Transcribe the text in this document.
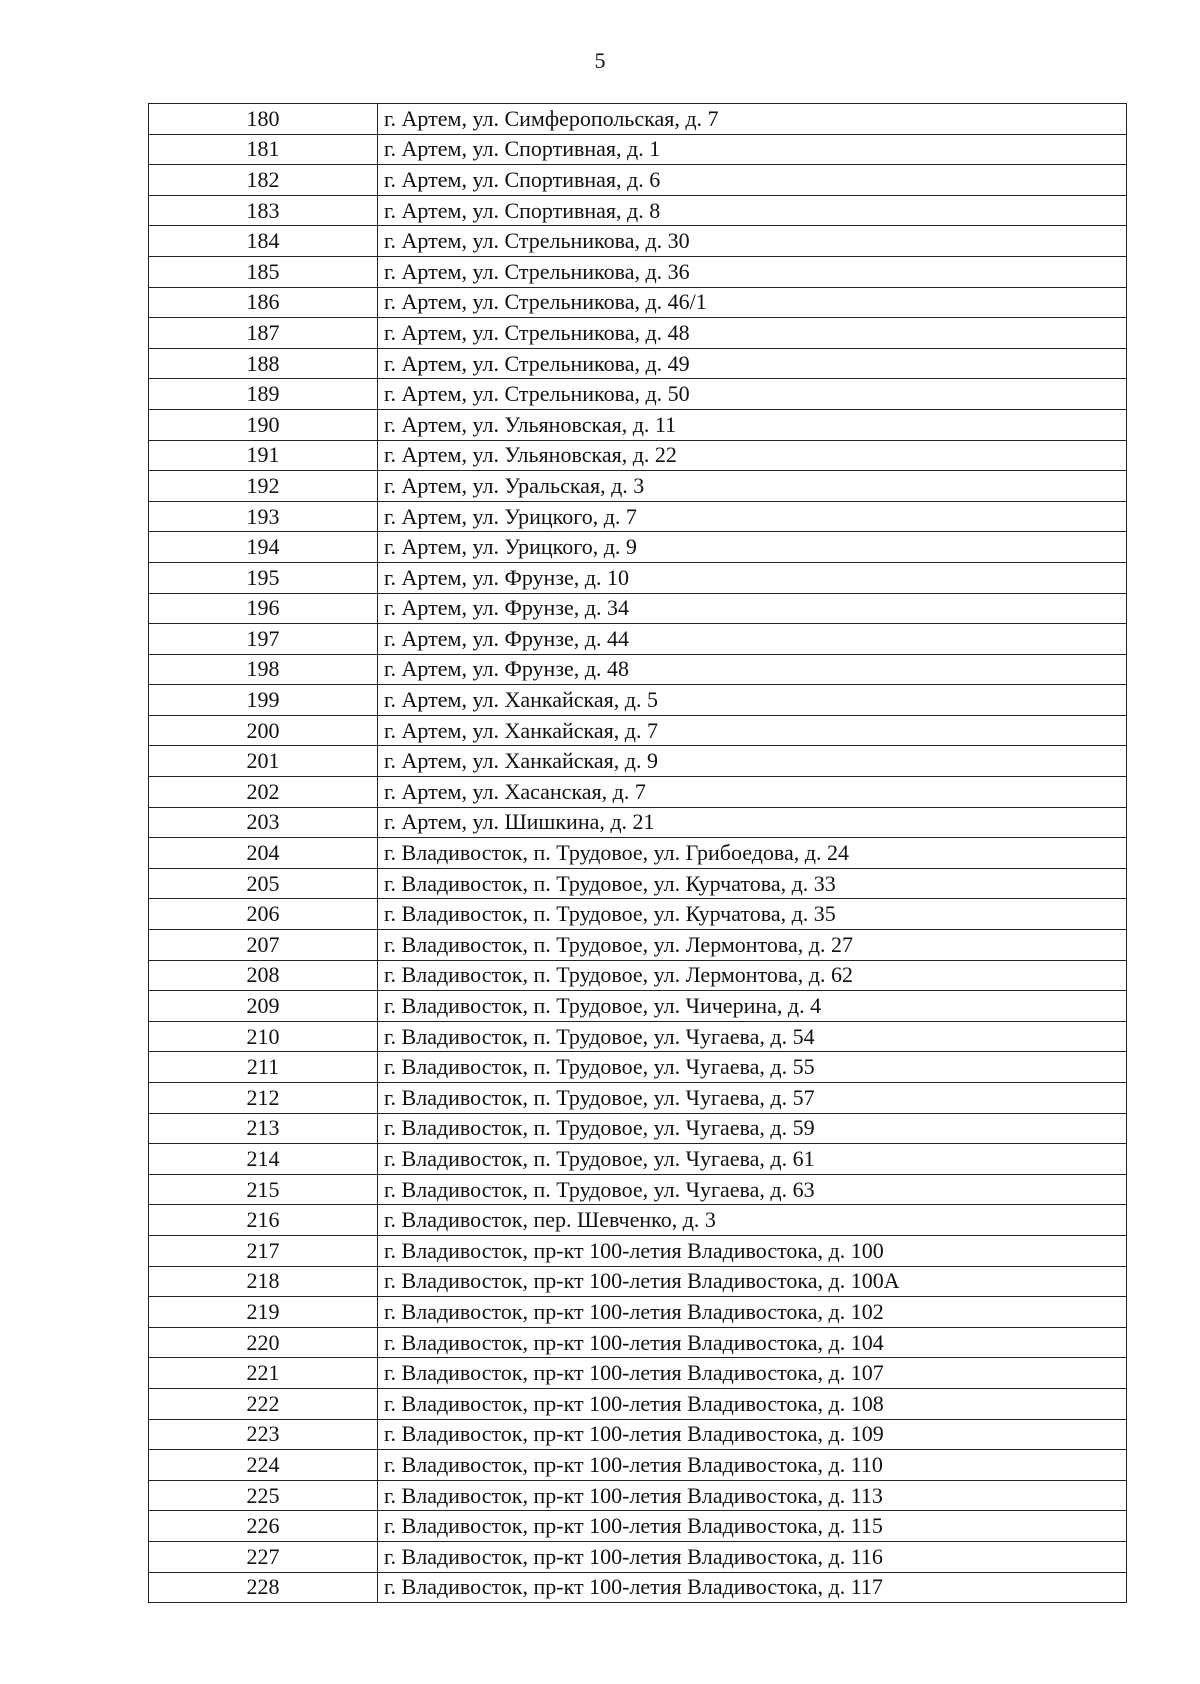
5
180	г. Артем, ул. Симферопольская, д. 7
181	г. Артем, ул. Спортивная, д. 1
182	г. Артем, ул. Спортивная, д. 6
183	г. Артем, ул. Спортивная, д. 8
184	г. Артем, ул. Стрельникова, д. 30
185	г. Артем, ул. Стрельникова, д. 36
186	г. Артем, ул. Стрельникова, д. 46/1
187	г. Артем, ул. Стрельникова, д. 48
188	г. Артем, ул. Стрельникова, д. 49
189	г. Артем, ул. Стрельникова, д. 50
190	г. Артем, ул. Ульяновская, д. 11
191	г. Артем, ул. Ульяновская, д. 22
192	г. Артем, ул. Уральская, д. 3
193	г. Артем, ул. Урицкого, д. 7
194	г. Артем, ул. Урицкого, д. 9
195	г. Артем, ул. Фрунзе, д. 10
196	г. Артем, ул. Фрунзе, д. 34
197	г. Артем, ул. Фрунзе, д. 44
198	г. Артем, ул. Фрунзе, д. 48
199	г. Артем, ул. Ханкайская, д. 5
200	г. Артем, ул. Ханкайская, д. 7
201	г. Артем, ул. Ханкайская, д. 9
202	г. Артем, ул. Хасанская, д. 7
203	г. Артем, ул. Шишкина, д. 21
204	г. Владивосток, п. Трудовое, ул. Грибоедова, д. 24
205	г. Владивосток, п. Трудовое, ул. Курчатова, д. 33
206	г. Владивосток, п. Трудовое, ул. Курчатова, д. 35
207	г. Владивосток, п. Трудовое, ул. Лермонтова, д. 27
208	г. Владивосток, п. Трудовое, ул. Лермонтова, д. 62
209	г. Владивосток, п. Трудовое, ул. Чичерина, д. 4
210	г. Владивосток, п. Трудовое, ул. Чугаева, д. 54
211	г. Владивосток, п. Трудовое, ул. Чугаева, д. 55
212	г. Владивосток, п. Трудовое, ул. Чугаева, д. 57
213	г. Владивосток, п. Трудовое, ул. Чугаева, д. 59
214	г. Владивосток, п. Трудовое, ул. Чугаева, д. 61
215	г. Владивосток, п. Трудовое, ул. Чугаева, д. 63
216	г. Владивосток, пер. Шевченко, д. 3
217	г. Владивосток, пр-кт 100-летия Владивостока, д. 100
218	г. Владивосток, пр-кт 100-летия Владивостока, д. 100А
219	г. Владивосток, пр-кт 100-летия Владивостока, д. 102
220	г. Владивосток, пр-кт 100-летия Владивостока, д. 104
221	г. Владивосток, пр-кт 100-летия Владивостока, д. 107
222	г. Владивосток, пр-кт 100-летия Владивостока, д. 108
223	г. Владивосток, пр-кт 100-летия Владивостока, д. 109
224	г. Владивосток, пр-кт 100-летия Владивостока, д. 110
225	г. Владивосток, пр-кт 100-летия Владивостока, д. 113
226	г. Владивосток, пр-кт 100-летия Владивостока, д. 115
227	г. Владивосток, пр-кт 100-летия Владивостока, д. 116
228	г. Владивосток, пр-кт 100-летия Владивостока, д. 117
